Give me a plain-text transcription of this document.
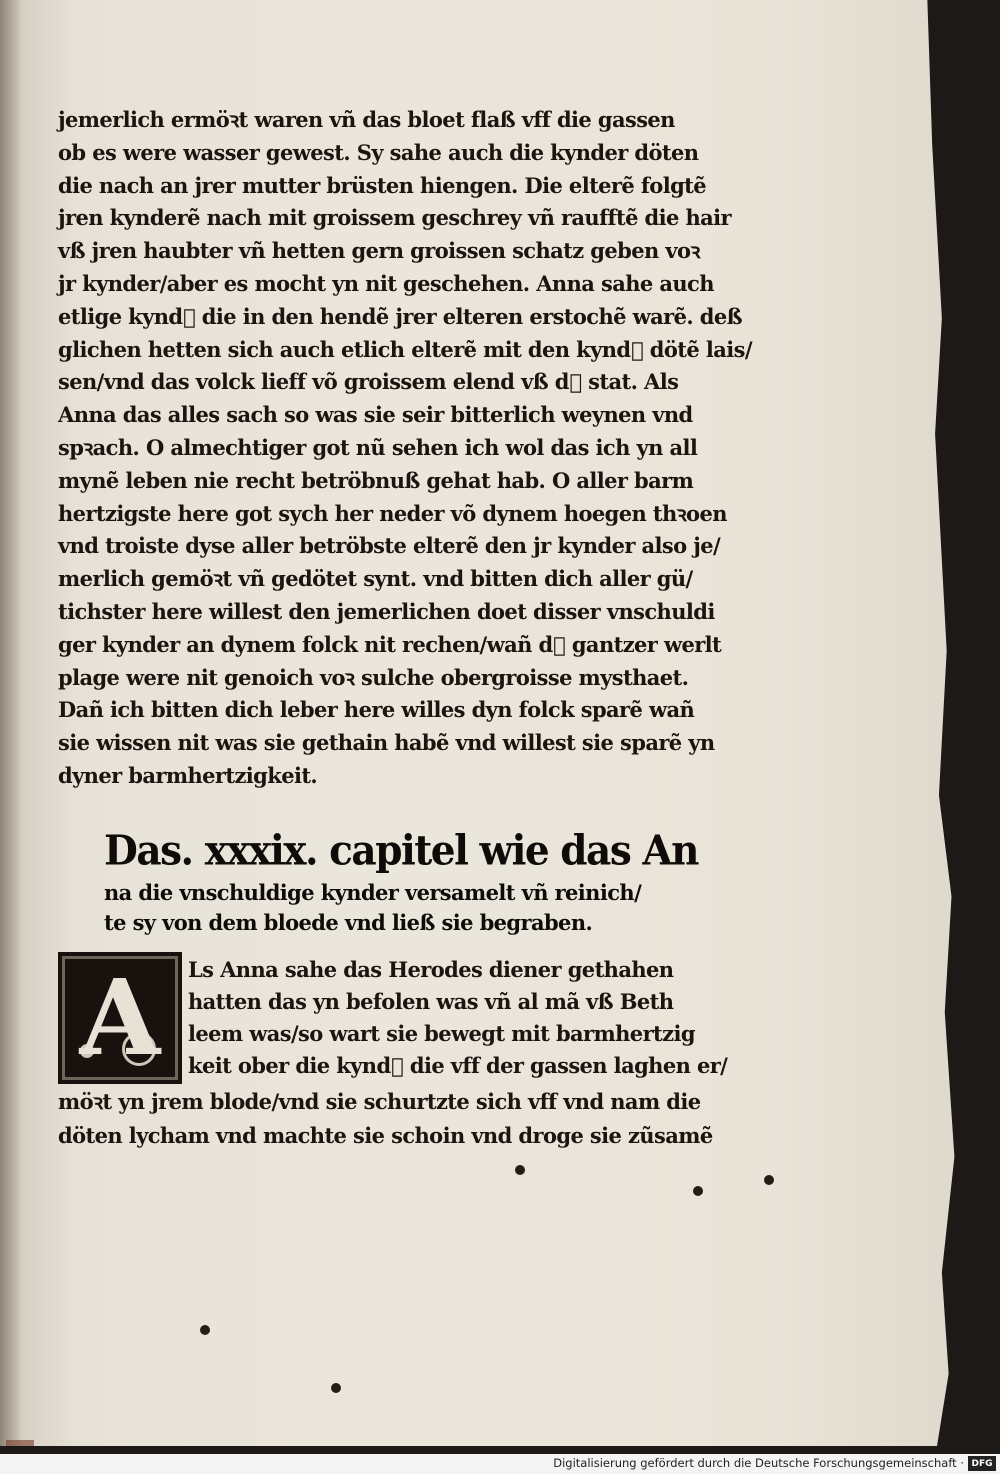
jemerlich ermöꝛt waren vñ das bloet flaß vff die gassen
ob es were wasser gewest. Sy sahe auch die kynder döten
die nach an jrer mutter brüsten hiengen. Die elterẽ folgtẽ
jren kynderẽ nach mit groissem geschrey vñ raufftẽ die hair
vß jren haubter vñ hetten gern groissen schatz geben voꝛ
jr kynder/aber es mocht yn nit geschehen. Anna sahe auch
etlige kynd᷑ die in den hendẽ jrer elteren erstochẽ warẽ. deß
glichen hetten sich auch etlich elterẽ mit den kynd᷑ dötẽ lais/
sen/vnd das volck lieff võ groissem elend vß d᷑ stat. Als
Anna das alles sach so was sie seir bitterlich weynen vnd
spꝛach. O almechtiger got nũ sehen ich wol das ich yn all
mynẽ leben nie recht betröbnuß gehat hab. O aller barm
hertzigste here got sych her neder võ dynem hoegen thꝛoen
vnd troiste dyse aller betröbste elterẽ den jr kynder also je/
merlich gemöꝛt vñ gedötet synt. vnd bitten dich aller gü/
tichster here willest den jemerlichen doet disser vnschuldi
ger kynder an dynem folck nit rechen/wañ d᷑ gantzer werlt
plage were nit genoich voꝛ sulche obergroisse mysthaet.
Dañ ich bitten dich leber here willes dyn folck sparẽ wañ
sie wissen nit was sie gethain habẽ vnd willest sie sparẽ yn
dyner barmhertzigkeit.
Das. xxxix. capitel wie das An
na die vnschuldige kynder versamelt vñ reinich/
te sy von dem bloede vnd ließ sie begraben.
A Ls Anna sahe das Herodes diener gethahen
hatten das yn befolen was vñ al mã vß Beth
leem was/so wart sie bewegt mit barmhertzig
keit ober die kynd᷑ die vff der gassen laghen er/
möꝛt yn jrem blode/vnd sie schurtzte sich vff vnd nam die
döten lycham vnd machte sie schoin vnd droge sie zũsamẽ
Digitalisierung gefördert durch die Deutsche Forschungsgemeinschaft · DFG
